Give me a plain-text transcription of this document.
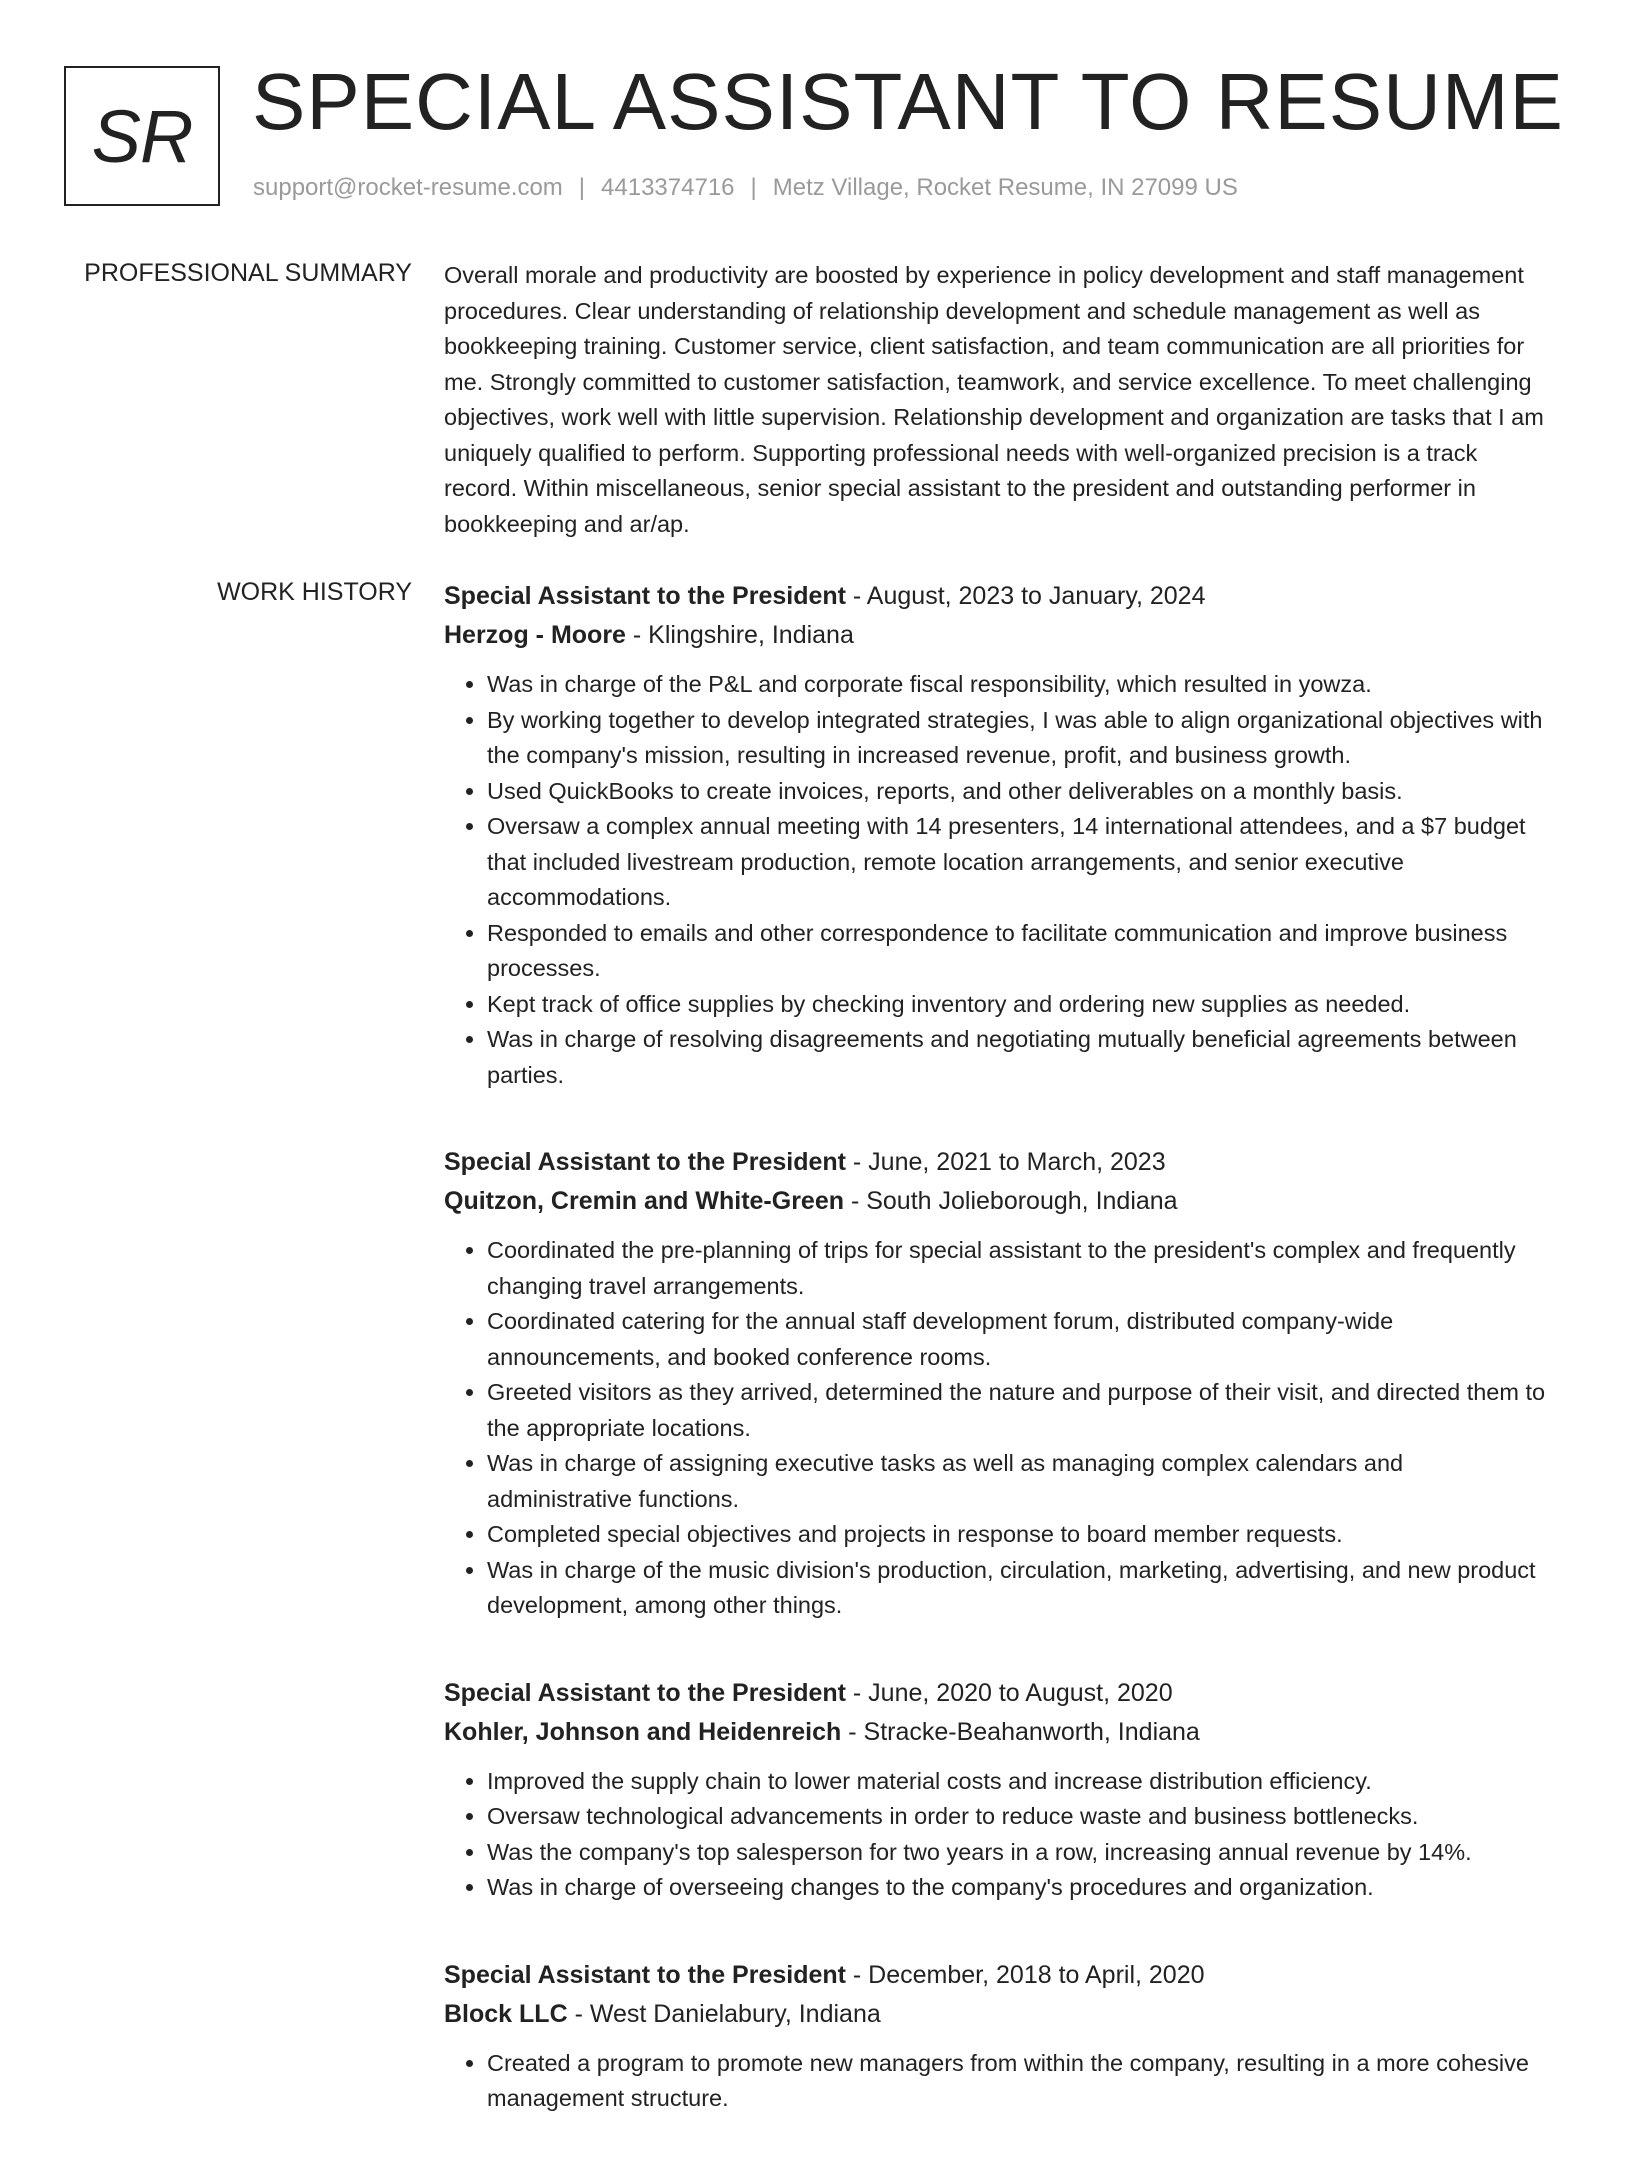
SR SPECIAL ASSISTANT TO RESUME
support@rocket-resume.com | 4413374716 | Metz Village, Rocket Resume, IN 27099 US
PROFESSIONAL SUMMARY Overall morale and productivity are boosted by experience in policy development and staff management procedures. Clear understanding of relationship development and schedule management as well as bookkeeping training. Customer service, client satisfaction, and team communication are all priorities for me. Strongly committed to customer satisfaction, teamwork, and service excellence. To meet challenging objectives, work well with little supervision. Relationship development and organization are tasks that I am uniquely qualified to perform. Supporting professional needs with well-organized precision is a track record. Within miscellaneous, senior special assistant to the president and outstanding performer in bookkeeping and ar/ap.

WORK HISTORY Special Assistant to the President - August, 2023 to January, 2024
Herzog - Moore - Klingshire, Indiana
• Was in charge of the P&L and corporate fiscal responsibility, which resulted in yowza.
• By working together to develop integrated strategies, I was able to align organizational objectives with the company's mission, resulting in increased revenue, profit, and business growth.
• Used QuickBooks to create invoices, reports, and other deliverables on a monthly basis.
• Oversaw a complex annual meeting with 14 presenters, 14 international attendees, and a $7 budget that included livestream production, remote location arrangements, and senior executive accommodations.
• Responded to emails and other correspondence to facilitate communication and improve business processes.
• Kept track of office supplies by checking inventory and ordering new supplies as needed.
• Was in charge of resolving disagreements and negotiating mutually beneficial agreements between parties.
Special Assistant to the President - June, 2021 to March, 2023
Quitzon, Cremin and White-Green - South Jolieborough, Indiana
• Coordinated the pre-planning of trips for special assistant to the president's complex and frequently changing travel arrangements.
• Coordinated catering for the annual staff development forum, distributed company-wide announcements, and booked conference rooms.
• Greeted visitors as they arrived, determined the nature and purpose of their visit, and directed them to the appropriate locations.
• Was in charge of assigning executive tasks as well as managing complex calendars and administrative functions.
• Completed special objectives and projects in response to board member requests.
• Was in charge of the music division's production, circulation, marketing, advertising, and new product development, among other things.
Special Assistant to the President - June, 2020 to August, 2020
Kohler, Johnson and Heidenreich - Stracke-Beahanworth, Indiana
• Improved the supply chain to lower material costs and increase distribution efficiency.
• Oversaw technological advancements in order to reduce waste and business bottlenecks.
• Was the company's top salesperson for two years in a row, increasing annual revenue by 14%.
• Was in charge of overseeing changes to the company's procedures and organization.
Special Assistant to the President - December, 2018 to April, 2020
Block LLC - West Danielabury, Indiana
• Created a program to promote new managers from within the company, resulting in a more cohesive management structure.
